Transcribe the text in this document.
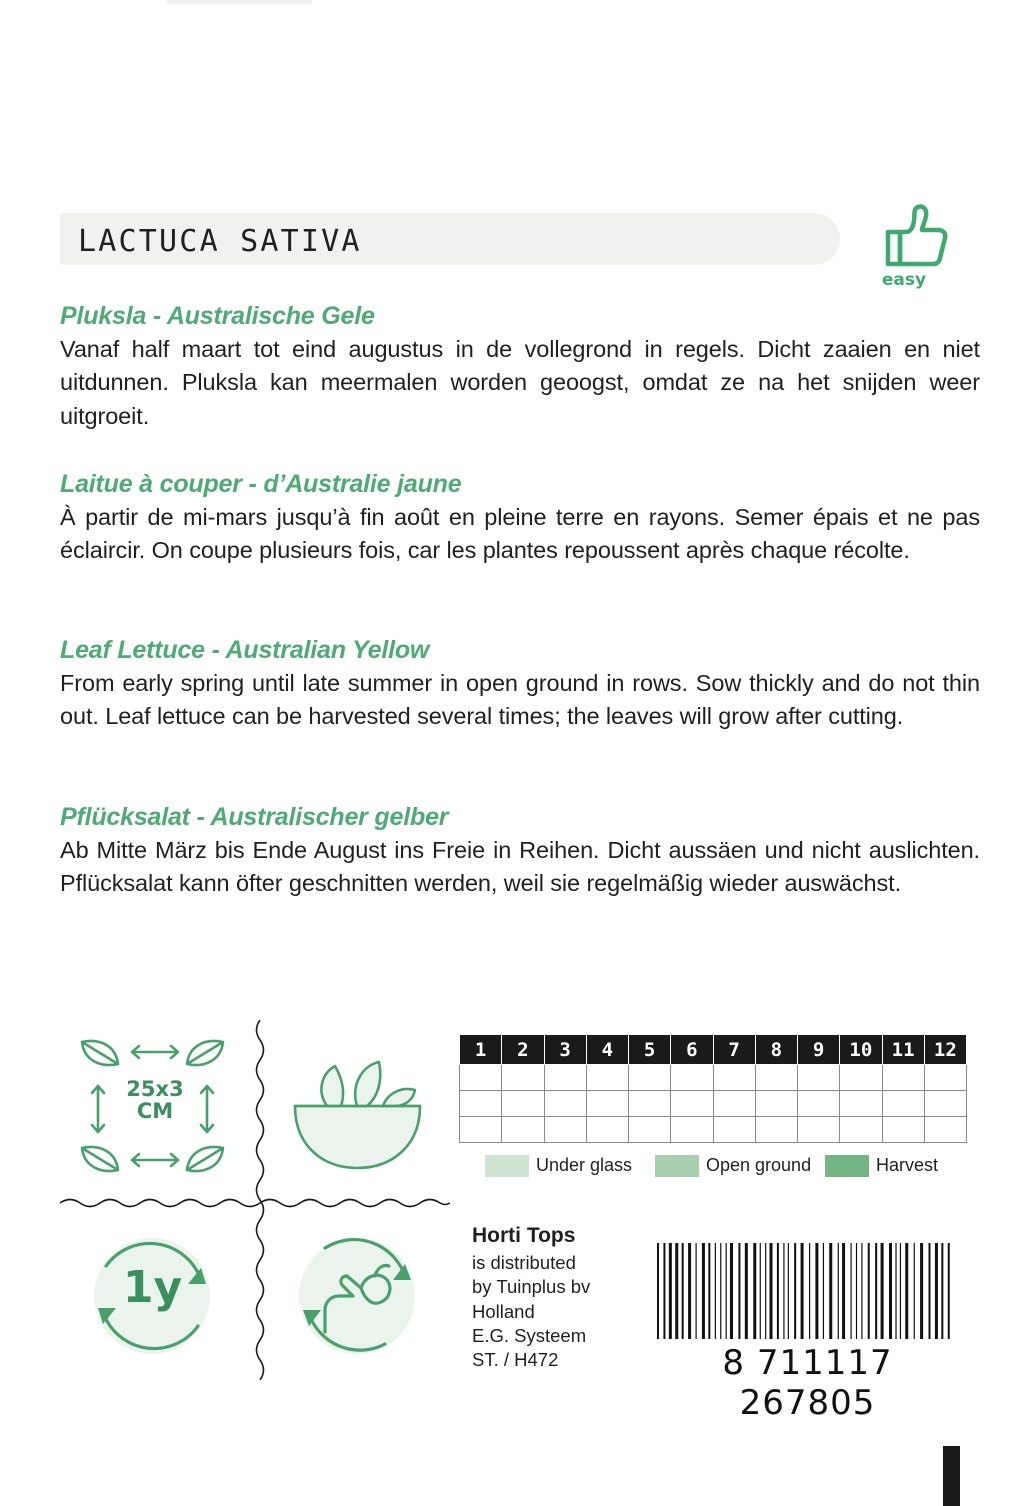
LACTUCA SATIVA
easy
Pluksla - Australische Gele

Vanaf half maart tot eind augustus in de vollegrond in regels. Dicht zaaien en niet uitdunnen. Pluksla kan meermalen worden geoogst, omdat ze na het snijden weer uitgroeit.

Laitue à couper - d’Australie jaune

À partir de mi-mars jusqu’à fin août en pleine terre en rayons. Semer épais et ne pas éclaircir. On coupe plusieurs fois, car les plantes repoussent après chaque récolte.

Leaf Lettuce - Australian Yellow

From early spring until late summer in open ground in rows. Sow thickly and do not thin out. Leaf lettuce can be harvested several times; the leaves will grow after cutting.

Pflücksalat - Australischer gelber

Ab Mitte März bis Ende August ins Freie in Reihen. Dicht aussäen und nicht auslichten. Pflücksalat kann öfter geschnitten werden, weil sie regelmäßig wieder auswächst.

25x3
CM
1y
1	2	3	4	5	6	7	8	9	10	11	12

Under glass	Open ground	Harvest
Horti Tops
is distributed
by Tuinplus bv
Holland
E.G. Systeem
ST. / H472	8 711117 267805
